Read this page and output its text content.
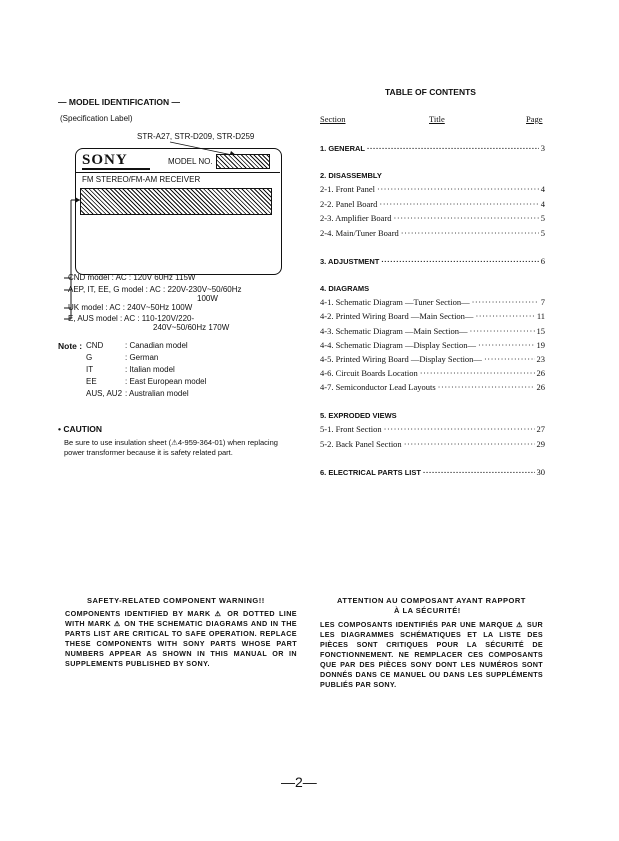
— MODEL IDENTIFICATION —
(Specification Label)
STR-A27, STR-D209, STR-D259
SONY	MODEL NO.
FM STEREO/FM-AM RECEIVER
CND model : AC : 120V 60Hz 115W
AEP, IT, EE, G model : AC : 220V-230V~50/60Hz
100W
UK model : AC : 240V~50Hz 100W
E, AUS model : AC : 110-120V/220-
240V~50/60Hz 170W
Note : CND	: Canadian model
G	: German
IT	: Italian model
EE	: East European model
AUS, AU2 : Australian model
• CAUTION
Be sure to use insulation sheet (⚠4-959-364-01) when replacing power transformer because it is safety related part.
TABLE OF CONTENTS
Section	Title	Page
1. GENERAL ·····	3
2. DISASSEMBLY
2-1. Front Panel ·····	4
2-2. Panel Board ·····	4
2-3. Amplifier Board ·····	5
2-4. Main/Tuner Board ·····	5
3. ADJUSTMENT ·····	6
4. DIAGRAMS
4-1. Schematic Diagram —Tuner Section— ·····	7
4-2. Printed Wiring Board —Main Section— ·····	11
4-3. Schematic Diagram —Main Section— ·····	15
4-4. Schematic Diagram —Display Section— ·····	19
4-5. Printed Wiring Board —Display Section— ·····	23
4-6. Circuit Boards Location ·····	26
4-7. Semiconductor Lead Layouts ·····	26
5. EXPRODED VIEWS
5-1. Front Section ·····	27
5-2. Back Panel Section ·····	29
6. ELECTRICAL PARTS LIST ·····	30
SAFETY-RELATED COMPONENT WARNING!!
COMPONENTS IDENTIFIED BY MARK ⚠ OR DOTTED LINE WITH MARK ⚠ ON THE SCHEMATIC DIAGRAMS AND IN THE PARTS LIST ARE CRITICAL TO SAFE OPERATION. REPLACE THESE COMPONENTS WITH SONY PARTS WHOSE PART NUMBERS APPEAR AS SHOWN IN THIS MANUAL OR IN SUPPLEMENTS PUBLISHED BY SONY.
ATTENTION AU COMPOSANT AYANT RAPPORT
À LA SÉCURITÉ!
LES COMPOSANTS IDENTIFIÉS PAR UNE MARQUE ⚠ SUR LES DIAGRAMMES SCHÉMATIQUES ET LA LISTE DES PIÈCES SONT CRITIQUES POUR LA SÉCURITÉ DE FONCTIONNEMENT. NE REMPLACER CES COMPOSANTS QUE PAR DES PIÈCES SONY DONT LES NUMÉROS SONT DONNÉS DANS CE MANUEL OU DANS LES SUPPLÉMENTS PUBLIÉS PAR SONY.
—2—
